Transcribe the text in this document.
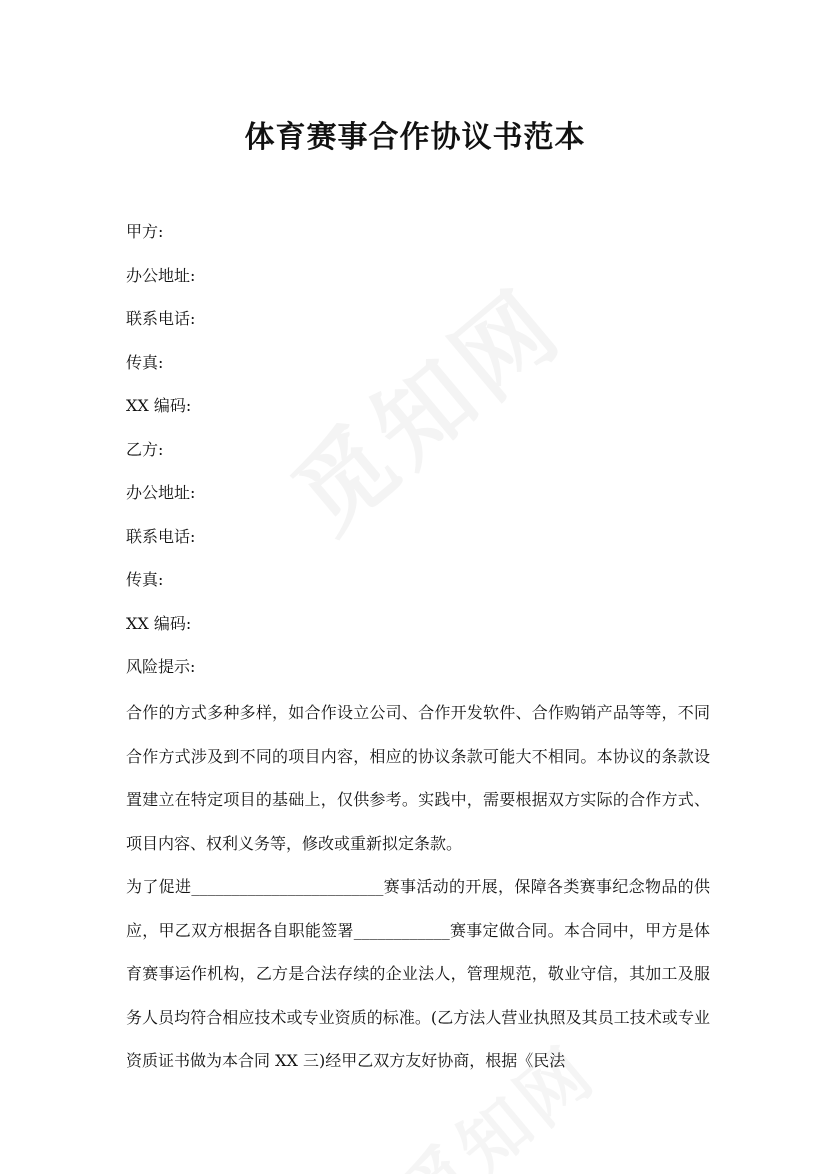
体育赛事合作协议书范本
甲方:
办公地址:
联系电话:
传真:
XX 编码:
乙方:
办公地址:
联系电话:
传真:
XX 编码:
风险提示:

合作的方式多种多样，如合作设立公司、合作开发软件、合作购销产品等等，不同合作方式涉及到不同的项目内容，相应的协议条款可能大不相同。本协议的条款设置建立在特定项目的基础上，仅供参考。实践中，需要根据双方实际的合作方式、项目内容、权利义务等，修改或重新拟定条款。

为了促进________________________赛事活动的开展，保障各类赛事纪念物品的供应，甲乙双方根据各自职能签署____________赛事定做合同。本合同中，甲方是体育赛事运作机构，乙方是合法存续的企业法人，管理规范，敬业守信，其加工及服务人员均符合相应技术或专业资质的标准。(乙方法人营业执照及其员工技术或专业资质证书做为本合同 XX 三)经甲乙双方友好协商，根据《民法
